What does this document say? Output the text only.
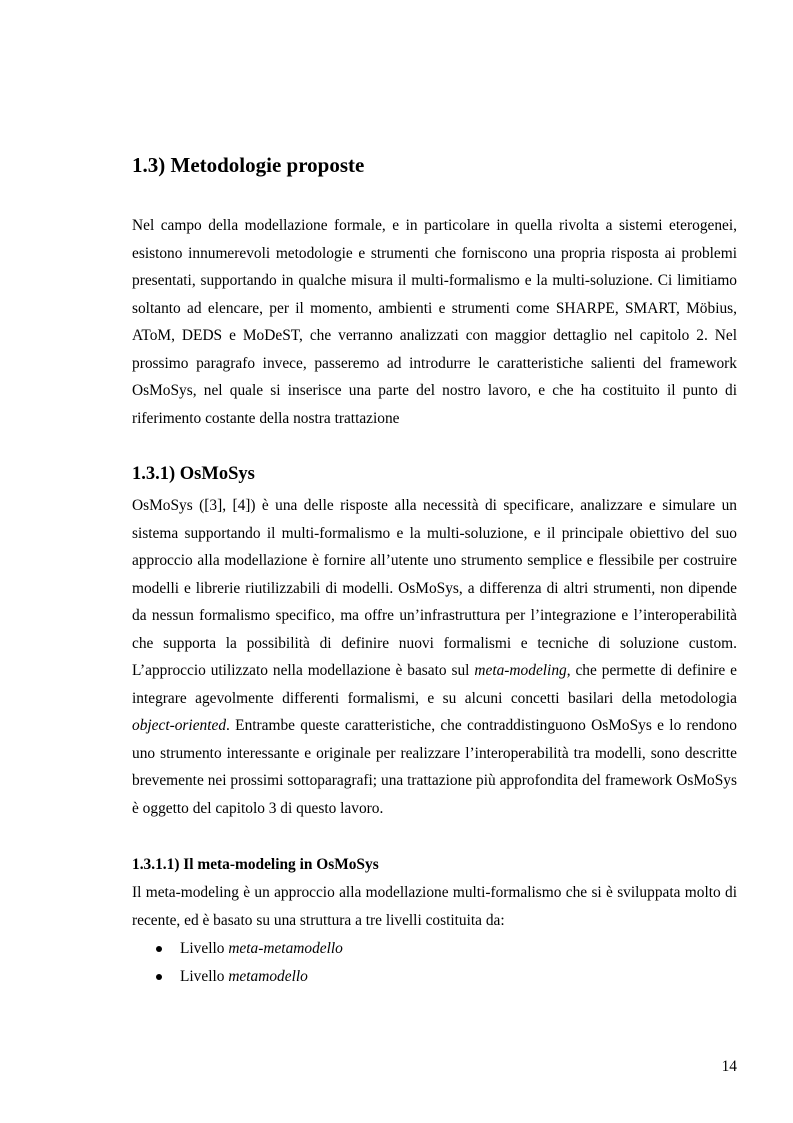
1.3) Metodologie proposte

Nel campo della modellazione formale, e in particolare in quella rivolta a sistemi eterogenei, esistono innumerevoli metodologie e strumenti che forniscono una propria risposta ai problemi presentati, supportando in qualche misura il multi-formalismo e la multi-soluzione. Ci limitiamo soltanto ad elencare, per il momento, ambienti e strumenti come SHARPE, SMART, Möbius, AToM, DEDS e MoDeST, che verranno analizzati con maggior dettaglio nel capitolo 2. Nel prossimo paragrafo invece, passeremo ad introdurre le caratteristiche salienti del framework OsMoSys, nel quale si inserisce una parte del nostro lavoro, e che ha costituito il punto di riferimento costante della nostra trattazione

1.3.1) OsMoSys

OsMoSys ([3], [4]) è una delle risposte alla necessità di specificare, analizzare e simulare un sistema supportando il multi-formalismo e la multi-soluzione, e il principale obiettivo del suo approccio alla modellazione è fornire all’utente uno strumento semplice e flessibile per costruire modelli e librerie riutilizzabili di modelli. OsMoSys, a differenza di altri strumenti, non dipende da nessun formalismo specifico, ma offre un’infrastruttura per l’integrazione e l’interoperabilità che supporta la possibilità di definire nuovi formalismi e tecniche di soluzione custom. L’approccio utilizzato nella modellazione è basato sul meta-modeling, che permette di definire e integrare agevolmente differenti formalismi, e su alcuni concetti basilari della metodologia object-oriented. Entrambe queste caratteristiche, che contraddistinguono OsMoSys e lo rendono uno strumento interessante e originale per realizzare l’interoperabilità tra modelli, sono descritte brevemente nei prossimi sottoparagrafi; una trattazione più approfondita del framework OsMoSys è oggetto del capitolo 3 di questo lavoro.

1.3.1.1) Il meta-modeling in OsMoSys

Il meta-modeling è un approccio alla modellazione multi-formalismo che si è sviluppata molto di recente, ed è basato su una struttura a tre livelli costituita da:

Livello meta-metamodello
Livello metamodello
14
